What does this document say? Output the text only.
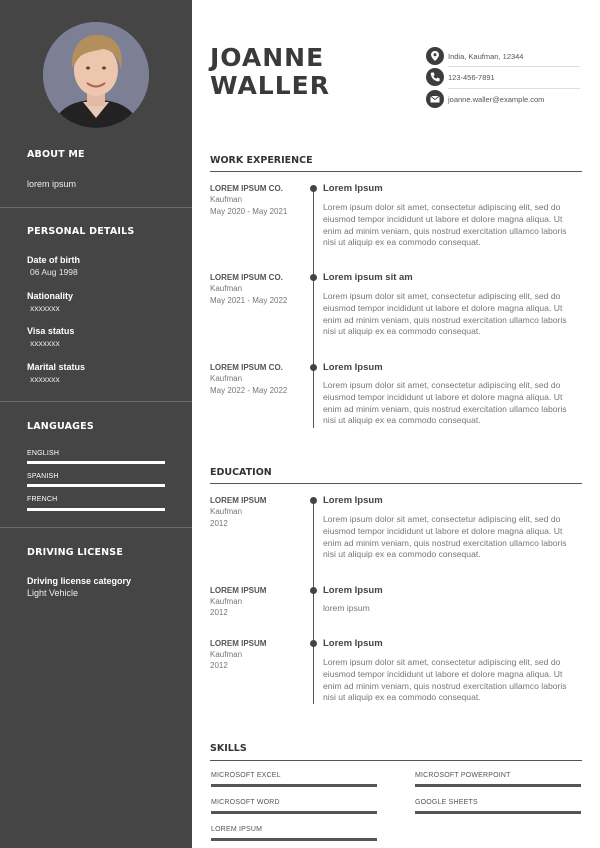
ABOUT ME
lorem ipsum
PERSONAL DETAILS
Date of birth
06 Aug 1998
Nationality
xxxxxxx
Visa status
xxxxxxx
Marital status
xxxxxxx
LANGUAGES
ENGLISH
SPANISH
FRENCH
DRIVING LICENSE
Driving license category
Light Vehicle
JOANNE
WALLER
India, Kaufman, 12344
123-456-7891
joanne.waller@example.com
WORK EXPERIENCE
LOREM IPSUM CO.
Kaufman
May 2020 - May 2021
Lorem Ipsum
Lorem ipsum dolor sit amet, consectetur adipiscing elit, sed do eiusmod tempor incididunt ut labore et dolore magna aliqua. Ut enim ad minim veniam, quis nostrud exercitation ullamco laboris nisi ut aliquip ex ea commodo consequat.
LOREM IPSUM CO.
Kaufman
May 2021 - May 2022
Lorem ipsum sit am
Lorem ipsum dolor sit amet, consectetur adipiscing elit, sed do eiusmod tempor incididunt ut labore et dolore magna aliqua. Ut enim ad minim veniam, quis nostrud exercitation ullamco laboris nisi ut aliquip ex ea commodo consequat.
LOREM IPSUM CO.
Kaufman
May 2022 - May 2022
Lorem Ipsum
Lorem ipsum dolor sit amet, consectetur adipiscing elit, sed do eiusmod tempor incididunt ut labore et dolore magna aliqua. Ut enim ad minim veniam, quis nostrud exercitation ullamco laboris nisi ut aliquip ex ea commodo consequat.
EDUCATION
LOREM IPSUM
Kaufman
2012
Lorem Ipsum
Lorem ipsum dolor sit amet, consectetur adipiscing elit, sed do eiusmod tempor incididunt ut labore et dolore magna aliqua. Ut enim ad minim veniam, quis nostrud exercitation ullamco laboris nisi ut aliquip ex ea commodo consequat.
LOREM IPSUM
Kaufman
2012
Lorem Ipsum
lorem ipsum
LOREM IPSUM
Kaufman
2012
Lorem Ipsum
Lorem ipsum dolor sit amet, consectetur adipiscing elit, sed do eiusmod tempor incididunt ut labore et dolore magna aliqua. Ut enim ad minim veniam, quis nostrud exercitation ullamco laboris nisi ut aliquip ex ea commodo consequat.
SKILLS
MICROSOFT EXCEL	MICROSOFT POWERPOINT
MICROSOFT WORD	GOOGLE SHEETS
LOREM IPSUM
